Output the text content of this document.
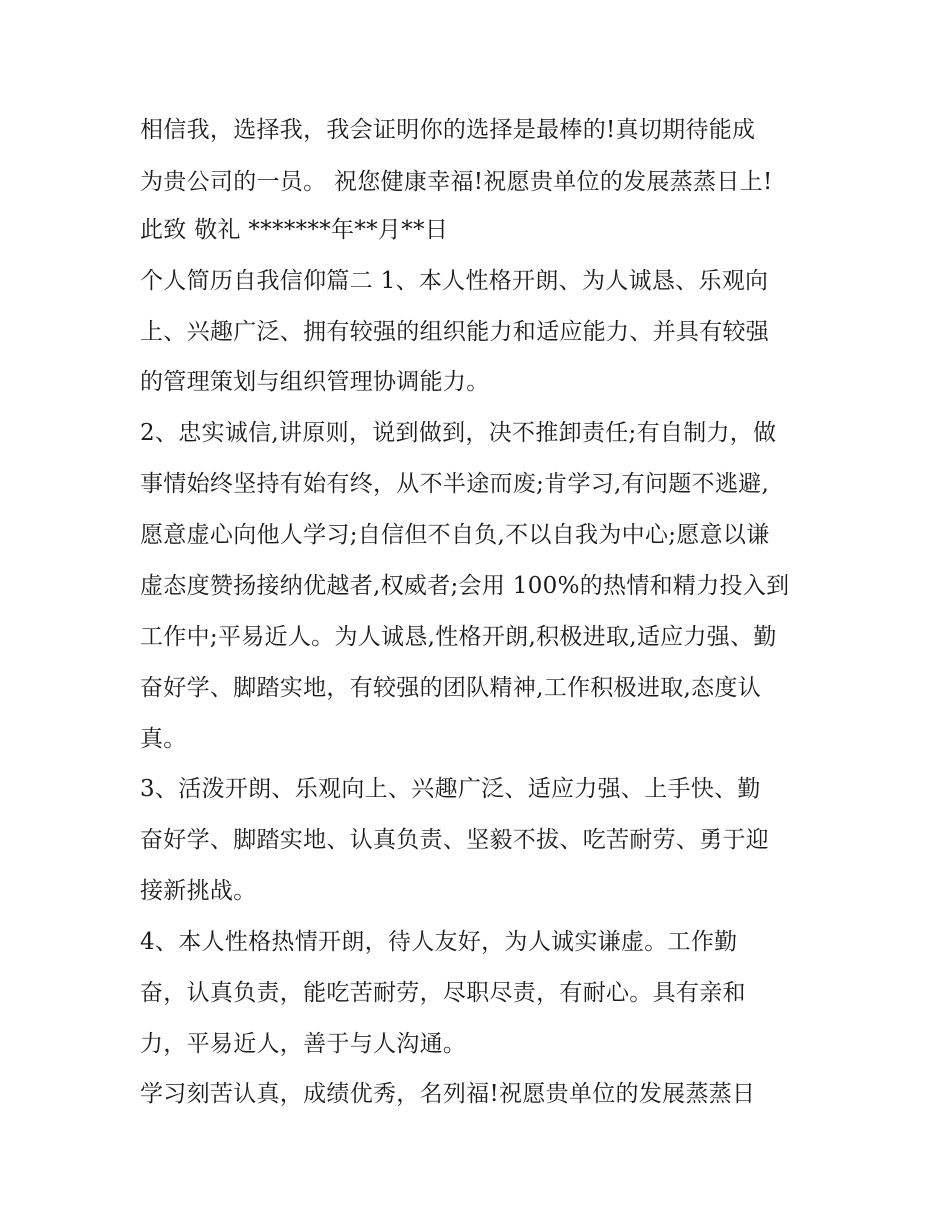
相信我，选择我，我会证明你的选择是最棒的!真切期待能成
为贵公司的一员。 祝您健康幸福!祝愿贵单位的发展蒸蒸日上!
此致 敬礼 *******年**月**日
个人简历自我信仰篇二 1、本人性格开朗、为人诚恳、乐观向
上、兴趣广泛、拥有较强的组织能力和适应能力、并具有较强
的管理策划与组织管理协调能力。
2、忠实诚信,讲原则，说到做到，决不推卸责任;有自制力，做
事情始终坚持有始有终，从不半途而废;肯学习,有问题不逃避,
愿意虚心向他人学习;自信但不自负,不以自我为中心;愿意以谦
虚态度赞扬接纳优越者,权威者;会用 100%的热情和精力投入到
工作中;平易近人。为人诚恳,性格开朗,积极进取,适应力强、勤
奋好学、脚踏实地，有较强的团队精神,工作积极进取,态度认
真。
3、活泼开朗、乐观向上、兴趣广泛、适应力强、上手快、勤
奋好学、脚踏实地、认真负责、坚毅不拔、吃苦耐劳、勇于迎
接新挑战。
4、本人性格热情开朗，待人友好，为人诚实谦虚。工作勤
奋，认真负责，能吃苦耐劳，尽职尽责，有耐心。具有亲和
力，平易近人，善于与人沟通。
学习刻苦认真，成绩优秀，名列福!祝愿贵单位的发展蒸蒸日
